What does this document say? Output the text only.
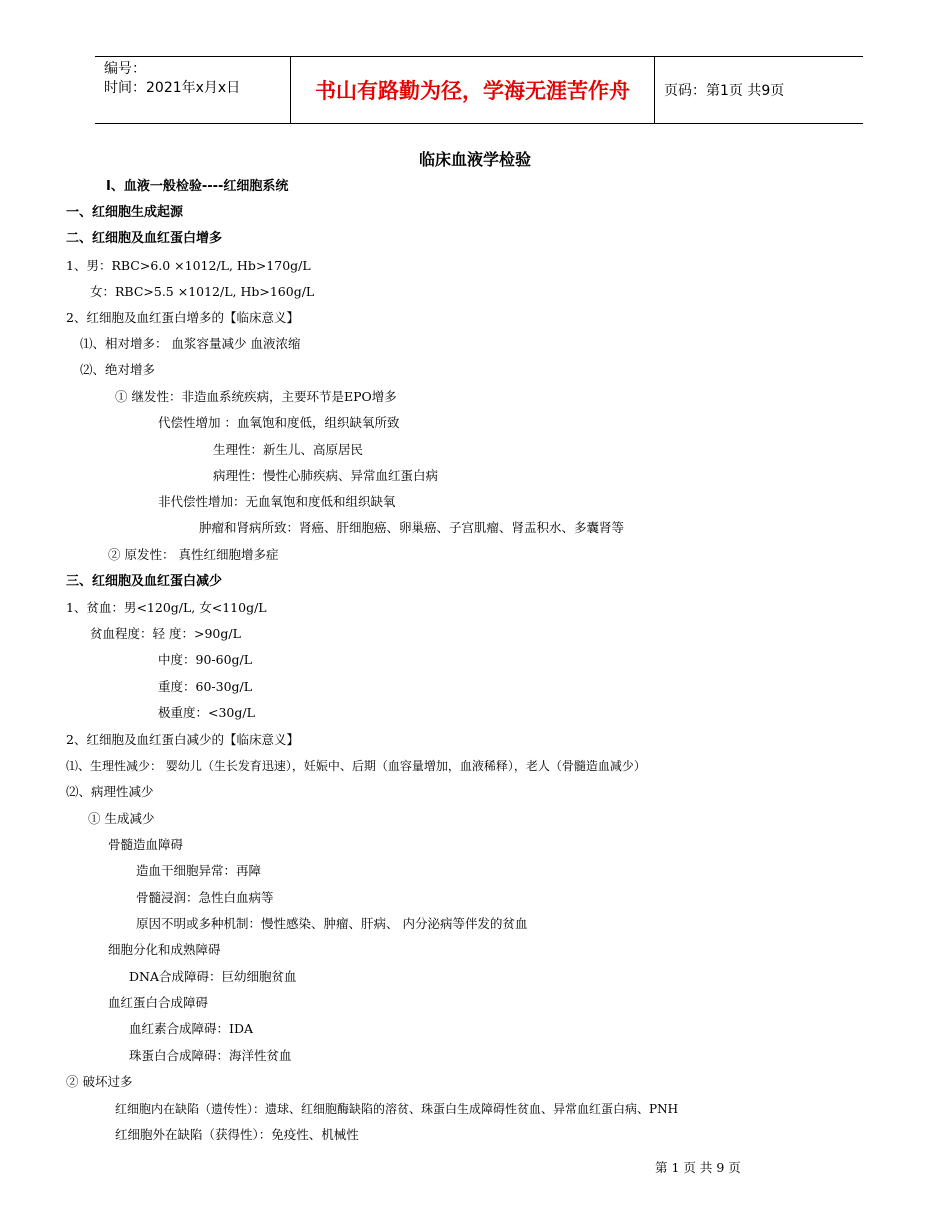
编号：
时间：2021年x月x日	书山有路勤为径，学海无涯苦作舟	页码：第1页 共9页
临床血液学检验
Ⅰ、血液一般检验----红细胞系统
一、红细胞生成起源
二、红细胞及血红蛋白增多
1、男：RBC>6.0 ×1012/L, Hb>170g/L
女：RBC>5.5 ×1012/L, Hb>160g/L
2、红细胞及血红蛋白增多的【临床意义】
⑴、相对增多： 血浆容量减少 血液浓缩
⑵、绝对增多
① 继发性：非造血系统疾病，主要环节是EPO增多
代偿性增加 ：血氧饱和度低，组织缺氧所致
生理性：新生儿、高原居民
病理性：慢性心肺疾病、异常血红蛋白病
非代偿性增加：无血氧饱和度低和组织缺氧
肿瘤和肾病所致：肾癌、肝细胞癌、卵巢癌、子宫肌瘤、肾盂积水、多囊肾等
② 原发性： 真性红细胞增多症
三、红细胞及血红蛋白减少
1、贫血：男<120g/L, 女<110g/L
贫血程度：轻 度：>90g/L
中度：90-60g/L
重度：60-30g/L
极重度：<30g/L
2、红细胞及血红蛋白减少的【临床意义】
⑴、生理性减少： 婴幼儿（生长发育迅速），妊娠中、后期（血容量增加，血液稀释），老人（骨髓造血减少）
⑵、病理性减少
① 生成减少
骨髓造血障碍
造血干细胞异常：再障
骨髓浸润：急性白血病等
原因不明或多种机制：慢性感染、肿瘤、肝病、 内分泌病等伴发的贫血
细胞分化和成熟障碍
DNA合成障碍：巨幼细胞贫血
血红蛋白合成障碍
血红素合成障碍：IDA
珠蛋白合成障碍：海洋性贫血
② 破坏过多
红细胞内在缺陷（遗传性）：遗球、红细胞酶缺陷的溶贫、珠蛋白生成障碍性贫血、异常血红蛋白病、PNH
红细胞外在缺陷（获得性）：免疫性、机械性
第 1 页 共 9 页
